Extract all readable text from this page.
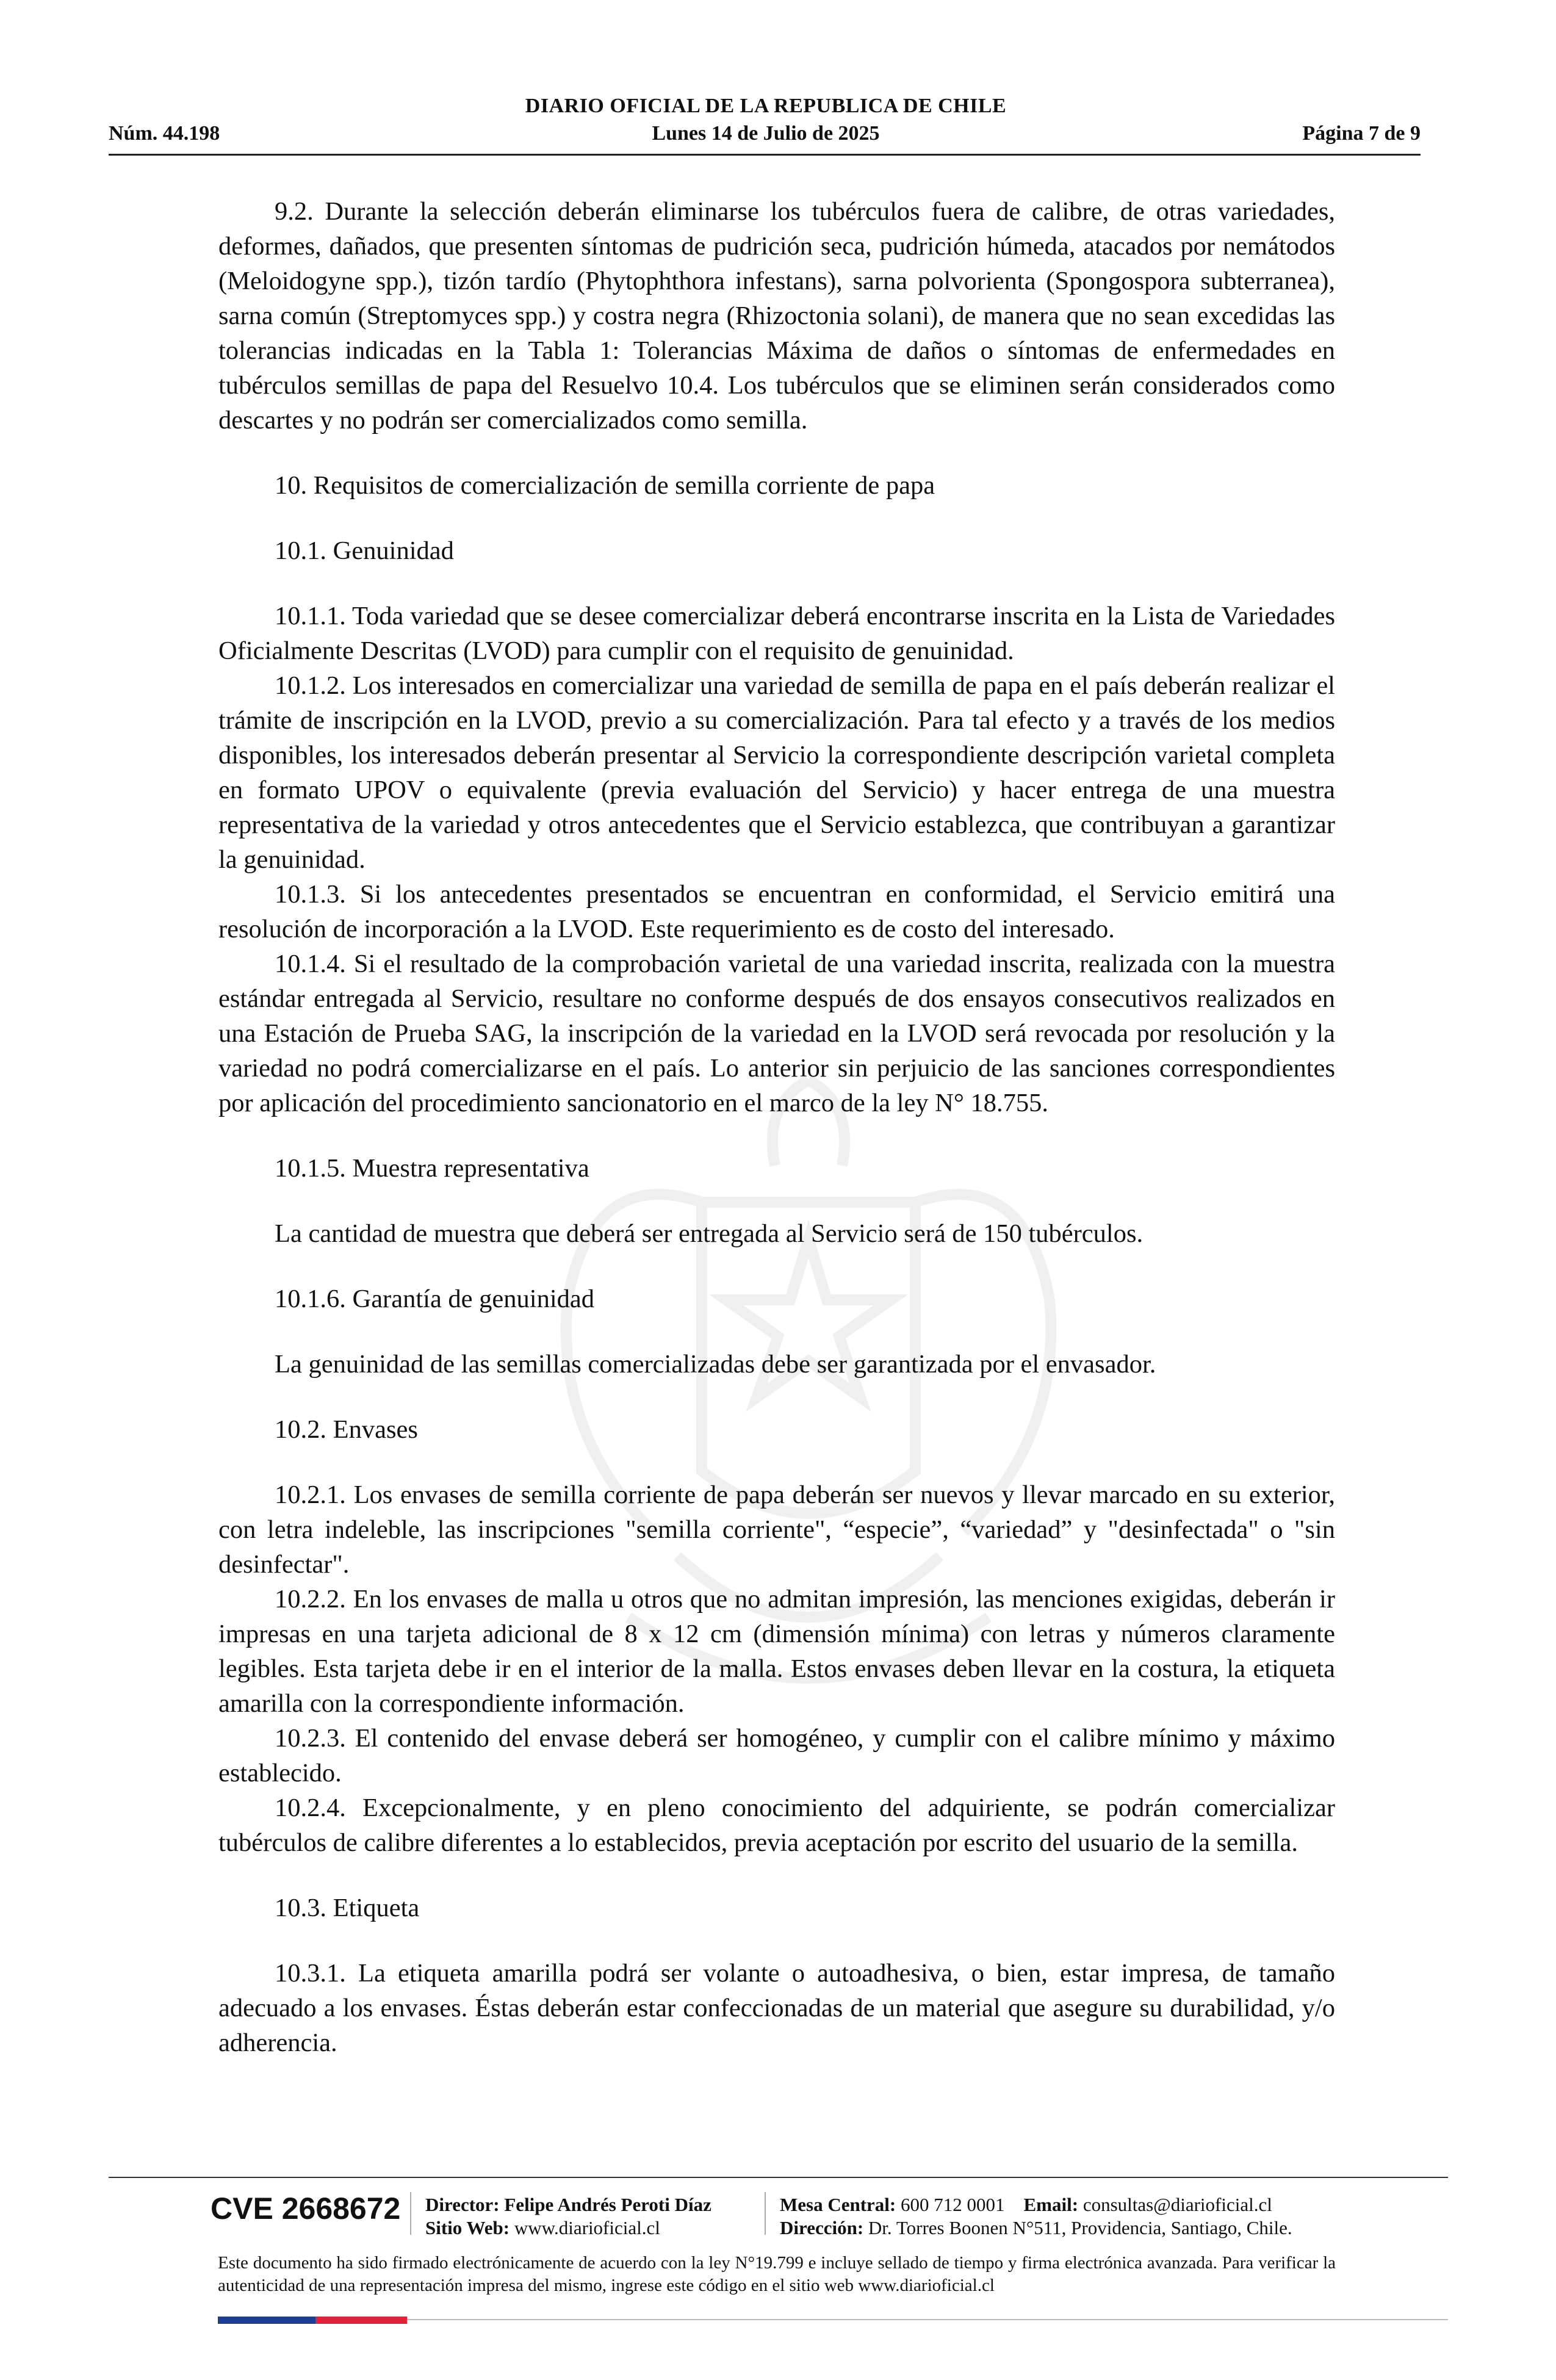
DIARIO OFICIAL DE LA REPUBLICA DE CHILE
Núm. 44.198	Lunes 14 de Julio de 2025	Página 7 de 9

9.2. Durante la selección deberán eliminarse los tubérculos fuera de calibre, de otras variedades, deformes, dañados, que presenten síntomas de pudrición seca, pudrición húmeda, atacados por nemátodos (Meloidogyne spp.), tizón tardío (Phytophthora infestans), sarna polvorienta (Spongospora subterranea), sarna común (Streptomyces spp.) y costra negra (Rhizoctonia solani), de manera que no sean excedidas las tolerancias indicadas en la Tabla 1: Tolerancias Máxima de daños o síntomas de enfermedades en tubérculos semillas de papa del Resuelvo 10.4. Los tubérculos que se eliminen serán considerados como descartes y no podrán ser comercializados como semilla.

10. Requisitos de comercialización de semilla corriente de papa

10.1. Genuinidad

10.1.1. Toda variedad que se desee comercializar deberá encontrarse inscrita en la Lista de Variedades Oficialmente Descritas (LVOD) para cumplir con el requisito de genuinidad.

10.1.2. Los interesados en comercializar una variedad de semilla de papa en el país deberán realizar el trámite de inscripción en la LVOD, previo a su comercialización. Para tal efecto y a través de los medios disponibles, los interesados deberán presentar al Servicio la correspondiente descripción varietal completa en formato UPOV o equivalente (previa evaluación del Servicio) y hacer entrega de una muestra representativa de la variedad y otros antecedentes que el Servicio establezca, que contribuyan a garantizar la genuinidad.

10.1.3. Si los antecedentes presentados se encuentran en conformidad, el Servicio emitirá una resolución de incorporación a la LVOD. Este requerimiento es de costo del interesado.

10.1.4. Si el resultado de la comprobación varietal de una variedad inscrita, realizada con la muestra estándar entregada al Servicio, resultare no conforme después de dos ensayos consecutivos realizados en una Estación de Prueba SAG, la inscripción de la variedad en la LVOD será revocada por resolución y la variedad no podrá comercializarse en el país. Lo anterior sin perjuicio de las sanciones correspondientes por aplicación del procedimiento sancionatorio en el marco de la ley N° 18.755.

10.1.5. Muestra representativa

La cantidad de muestra que deberá ser entregada al Servicio será de 150 tubérculos.

10.1.6. Garantía de genuinidad

La genuinidad de las semillas comercializadas debe ser garantizada por el envasador.

10.2. Envases

10.2.1. Los envases de semilla corriente de papa deberán ser nuevos y llevar marcado en su exterior, con letra indeleble, las inscripciones "semilla corriente", “especie”, “variedad” y "desinfectada" o "sin desinfectar".

10.2.2. En los envases de malla u otros que no admitan impresión, las menciones exigidas, deberán ir impresas en una tarjeta adicional de 8 x 12 cm (dimensión mínima) con letras y números claramente legibles. Esta tarjeta debe ir en el interior de la malla. Estos envases deben llevar en la costura, la etiqueta amarilla con la correspondiente información.

10.2.3. El contenido del envase deberá ser homogéneo, y cumplir con el calibre mínimo y máximo establecido.

10.2.4. Excepcionalmente, y en pleno conocimiento del adquiriente, se podrán comercializar tubérculos de calibre diferentes a lo establecidos, previa aceptación por escrito del usuario de la semilla.

10.3. Etiqueta

10.3.1. La etiqueta amarilla podrá ser volante o autoadhesiva, o bien, estar impresa, de tamaño adecuado a los envases. Éstas deberán estar confeccionadas de un material que asegure su durabilidad, y/o adherencia.

CVE 2668672 Director: Felipe Andrés Peroti Díaz
Sitio Web: www.diarioficial.cl
Mesa Central: 600 712 0001 Email: consultas@diarioficial.cl
Dirección: Dr. Torres Boonen N°511, Providencia, Santiago, Chile.
Este documento ha sido firmado electrónicamente de acuerdo con la ley N°19.799 e incluye sellado de tiempo y firma electrónica avanzada. Para verificar la autenticidad de una representación impresa del mismo, ingrese este código en el sitio web www.diarioficial.cl
